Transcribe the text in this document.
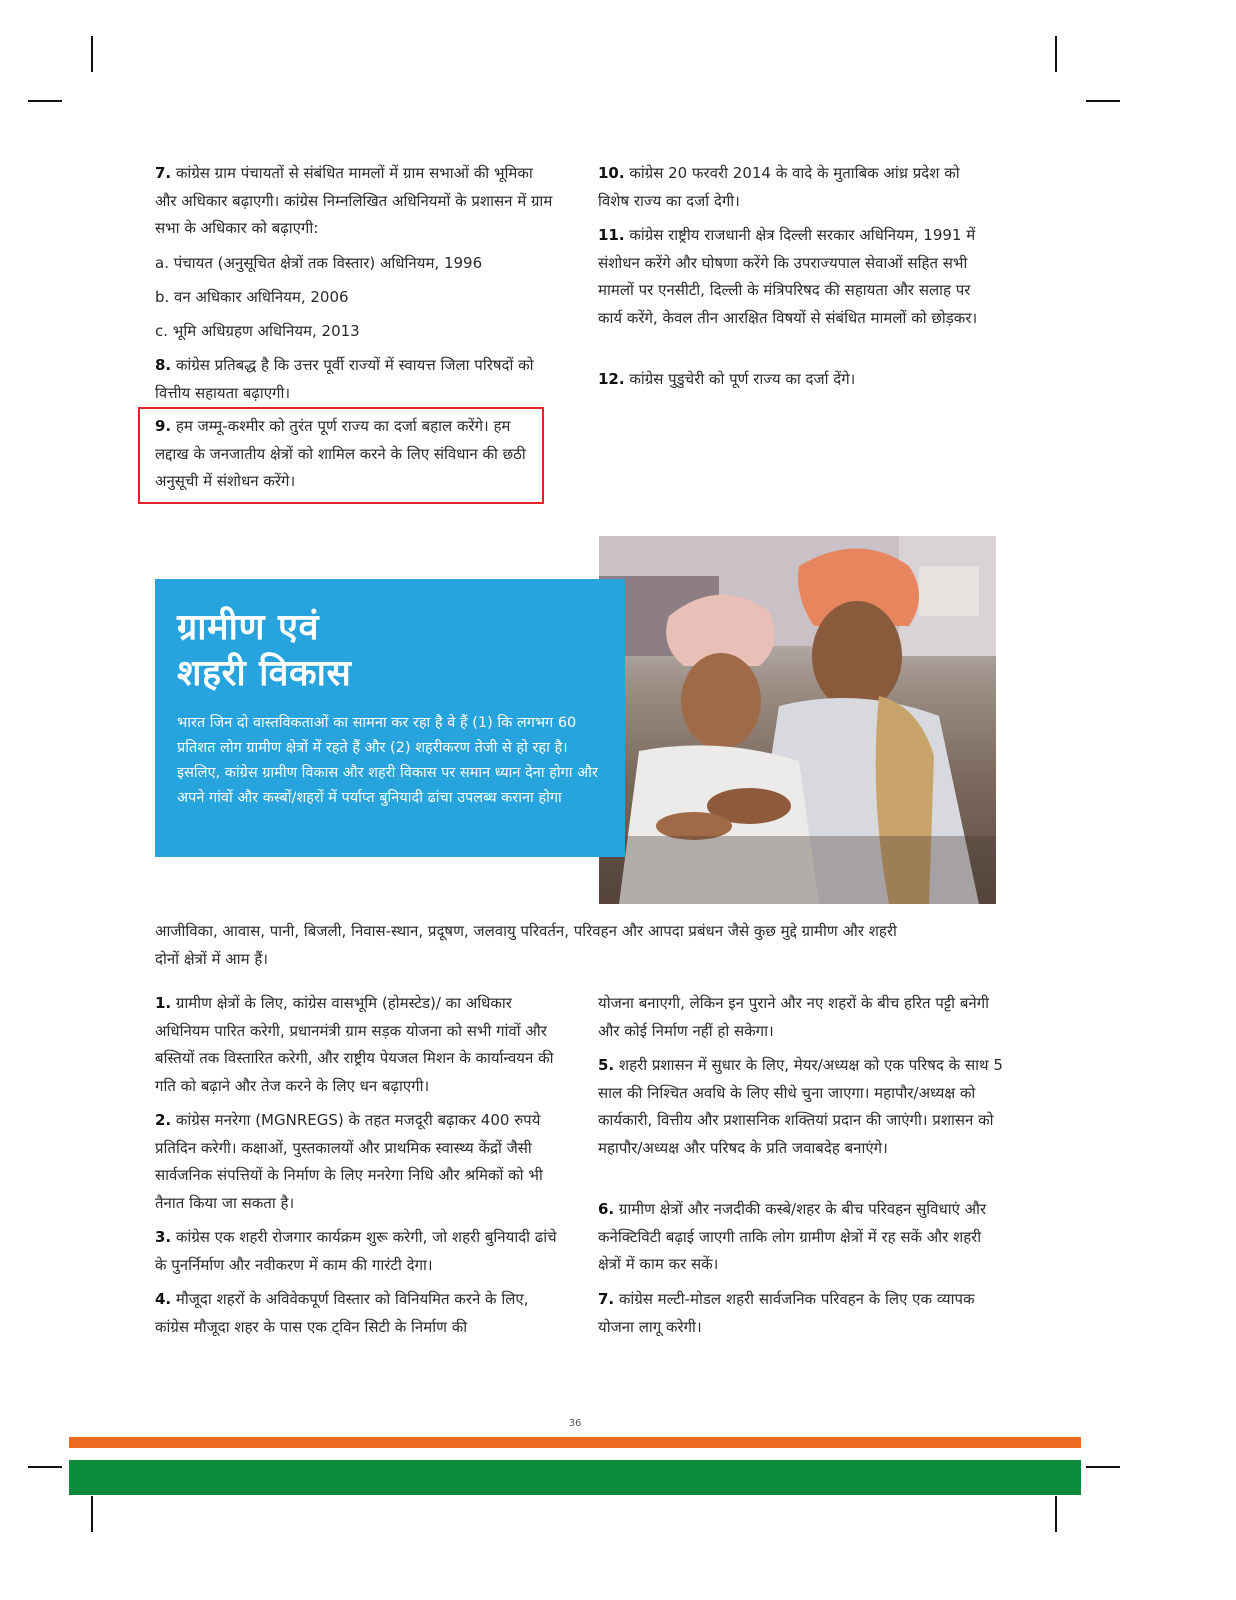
7. कांग्रेस ग्राम पंचायतों से संबंधित मामलों में ग्राम सभाओं की भूमिका और अधिकार बढ़ाएगी। कांग्रेस निम्नलिखित अधिनियमों के प्रशासन में ग्राम सभा के अधिकार को बढ़ाएगी:

a. पंचायत (अनुसूचित क्षेत्रों तक विस्तार) अधिनियम, 1996

b. वन अधिकार अधिनियम, 2006

c. भूमि अधिग्रहण अधिनियम, 2013

8. कांग्रेस प्रतिबद्ध है कि उत्तर पूर्वी राज्यों में स्वायत्त जिला परिषदों को वित्तीय सहायता बढ़ाएगी।

9. हम जम्मू-कश्मीर को तुरंत पूर्ण राज्य का दर्जा बहाल करेंगे। हम लद्दाख के जनजातीय क्षेत्रों को शामिल करने के लिए संविधान की छठी अनुसूची में संशोधन करेंगे।

10. कांग्रेस 20 फरवरी 2014 के वादे के मुताबिक आंध्र प्रदेश को विशेष राज्य का दर्जा देगी।

11. कांग्रेस राष्ट्रीय राजधानी क्षेत्र दिल्ली सरकार अधिनियम, 1991 में संशोधन करेंगे और घोषणा करेंगे कि उपराज्यपाल सेवाओं सहित सभी मामलों पर एनसीटी, दिल्ली के मंत्रिपरिषद की सहायता और सलाह पर कार्य करेंगे, केवल तीन आरक्षित विषयों से संबंधित मामलों को छोड़कर।

12. कांग्रेस पुडुचेरी को पूर्ण राज्य का दर्जा देंगे।

ग्रामीण एवं
शहरी विकास

भारत जिन दो वास्तविकताओं का सामना कर रहा है वे हैं (1) कि लगभग 60 प्रतिशत लोग ग्रामीण क्षेत्रों में रहते हैं और (2) शहरीकरण तेजी से हो रहा है। इसलिए, कांग्रेस ग्रामीण विकास और शहरी विकास पर समान ध्यान देना होगा और अपने गांवों और कस्बों/शहरों में पर्याप्त बुनियादी ढांचा उपलब्ध कराना होगा

आजीविका, आवास, पानी, बिजली, निवास-स्थान, प्रदूषण, जलवायु परिवर्तन, परिवहन और आपदा प्रबंधन जैसे कुछ मुद्दे ग्रामीण और शहरी दोनों क्षेत्रों में आम हैं।

1. ग्रामीण क्षेत्रों के लिए, कांग्रेस वासभूमि (होमस्टेड)/ का अधिकार अधिनियम पारित करेगी, प्रधानमंत्री ग्राम सड़क योजना को सभी गांवों और बस्तियों तक विस्तारित करेगी, और राष्ट्रीय पेयजल मिशन के कार्यान्वयन की गति को बढ़ाने और तेज करने के लिए धन बढ़ाएगी।

2. कांग्रेस मनरेगा (MGNREGS) के तहत मजदूरी बढ़ाकर 400 रुपये प्रतिदिन करेगी। कक्षाओं, पुस्तकालयों और प्राथमिक स्वास्थ्य केंद्रों जैसी सार्वजनिक संपत्तियों के निर्माण के लिए मनरेगा निधि और श्रमिकों को भी तैनात किया जा सकता है।

3. कांग्रेस एक शहरी रोजगार कार्यक्रम शुरू करेगी, जो शहरी बुनियादी ढांचे के पुनर्निर्माण और नवीकरण में काम की गारंटी देगा।

4. मौजूदा शहरों के अविवेकपूर्ण विस्तार को विनियमित करने के लिए, कांग्रेस मौजूदा शहर के पास एक ट्विन सिटी के निर्माण की

योजना बनाएगी, लेकिन इन पुराने और नए शहरों के बीच हरित पट्टी बनेगी और कोई निर्माण नहीं हो सकेगा।

5. शहरी प्रशासन में सुधार के लिए, मेयर/अध्यक्ष को एक परिषद के साथ 5 साल की निश्चित अवधि के लिए सीधे चुना जाएगा। महापौर/अध्यक्ष को कार्यकारी, वित्तीय और प्रशासनिक शक्तियां प्रदान की जाएंगी। प्रशासन को महापौर/अध्यक्ष और परिषद के प्रति जवाबदेह बनाएंगे।

6. ग्रामीण क्षेत्रों और नजदीकी कस्बे/शहर के बीच परिवहन सुविधाएं और कनेक्टिविटी बढ़ाई जाएगी ताकि लोग ग्रामीण क्षेत्रों में रह सकें और शहरी क्षेत्रों में काम कर सकें।

7. कांग्रेस मल्टी-मोडल शहरी सार्वजनिक परिवहन के लिए एक व्यापक योजना लागू करेगी।

36
